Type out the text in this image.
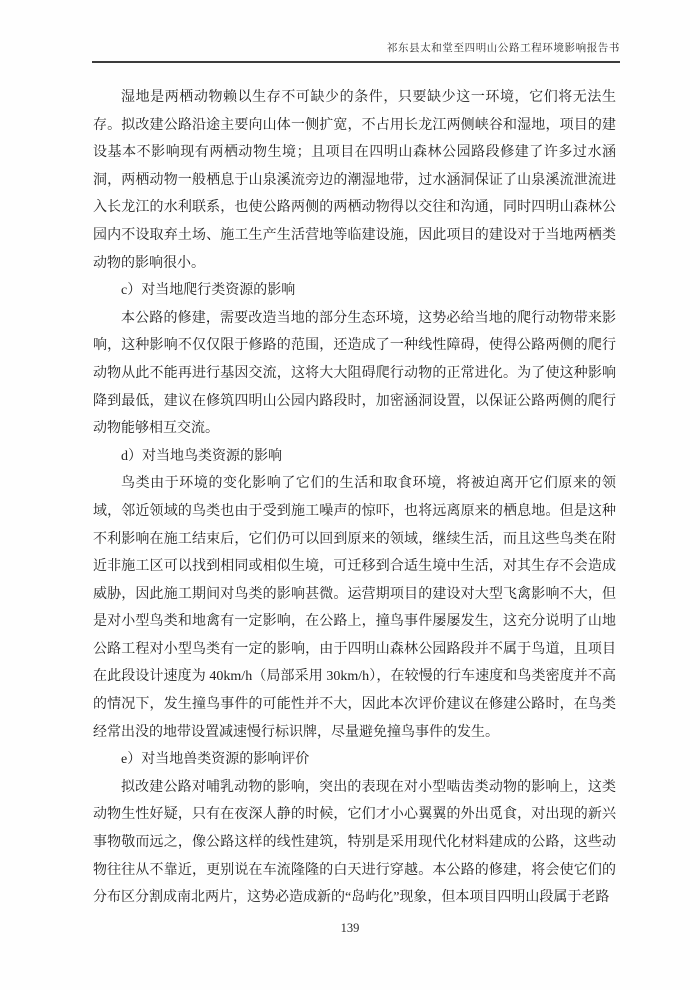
祁东县太和堂至四明山公路工程环境影响报告书

湿地是两栖动物赖以生存不可缺少的条件，只要缺少这一环境，它们将无法生存。拟改建公路沿途主要向山体一侧扩宽，不占用长龙江两侧峡谷和湿地，项目的建设基本不影响现有两栖动物生境；且项目在四明山森林公园路段修建了许多过水涵洞，两栖动物一般栖息于山泉溪流旁边的潮湿地带，过水涵洞保证了山泉溪流泄流进入长龙江的水利联系，也使公路两侧的两栖动物得以交往和沟通，同时四明山森林公园内不设取弃土场、施工生产生活营地等临建设施，因此项目的建设对于当地两栖类动物的影响很小。

c）对当地爬行类资源的影响

本公路的修建，需要改造当地的部分生态环境，这势必给当地的爬行动物带来影响，这种影响不仅仅限于修路的范围，还造成了一种线性障碍，使得公路两侧的爬行动物从此不能再进行基因交流，这将大大阻碍爬行动物的正常进化。为了使这种影响降到最低，建议在修筑四明山公园内路段时，加密涵洞设置，以保证公路两侧的爬行动物能够相互交流。

d）对当地鸟类资源的影响

鸟类由于环境的变化影响了它们的生活和取食环境，将被迫离开它们原来的领域，邻近领域的鸟类也由于受到施工噪声的惊吓，也将远离原来的栖息地。但是这种不利影响在施工结束后，它们仍可以回到原来的领域，继续生活，而且这些鸟类在附近非施工区可以找到相同或相似生境，可迁移到合适生境中生活，对其生存不会造成威胁，因此施工期间对鸟类的影响甚微。运营期项目的建设对大型飞禽影响不大，但是对小型鸟类和地禽有一定影响，在公路上，撞鸟事件屡屡发生，这充分说明了山地公路工程对小型鸟类有一定的影响，由于四明山森林公园路段并不属于鸟道，且项目在此段设计速度为 40km/h（局部采用 30km/h），在较慢的行车速度和鸟类密度并不高的情况下，发生撞鸟事件的可能性并不大，因此本次评价建议在修建公路时，在鸟类经常出没的地带设置减速慢行标识牌，尽量避免撞鸟事件的发生。

e）对当地兽类资源的影响评价

拟改建公路对哺乳动物的影响，突出的表现在对小型啮齿类动物的影响上，这类动物生性好疑，只有在夜深人静的时候，它们才小心翼翼的外出觅食，对出现的新兴事物敬而远之，像公路这样的线性建筑，特别是采用现代化材料建成的公路，这些动物往往从不靠近，更别说在车流隆隆的白天进行穿越。本公路的修建，将会使它们的分布区分割成南北两片，这势必造成新的“岛屿化”现象，但本项目四明山段属于老路

139
